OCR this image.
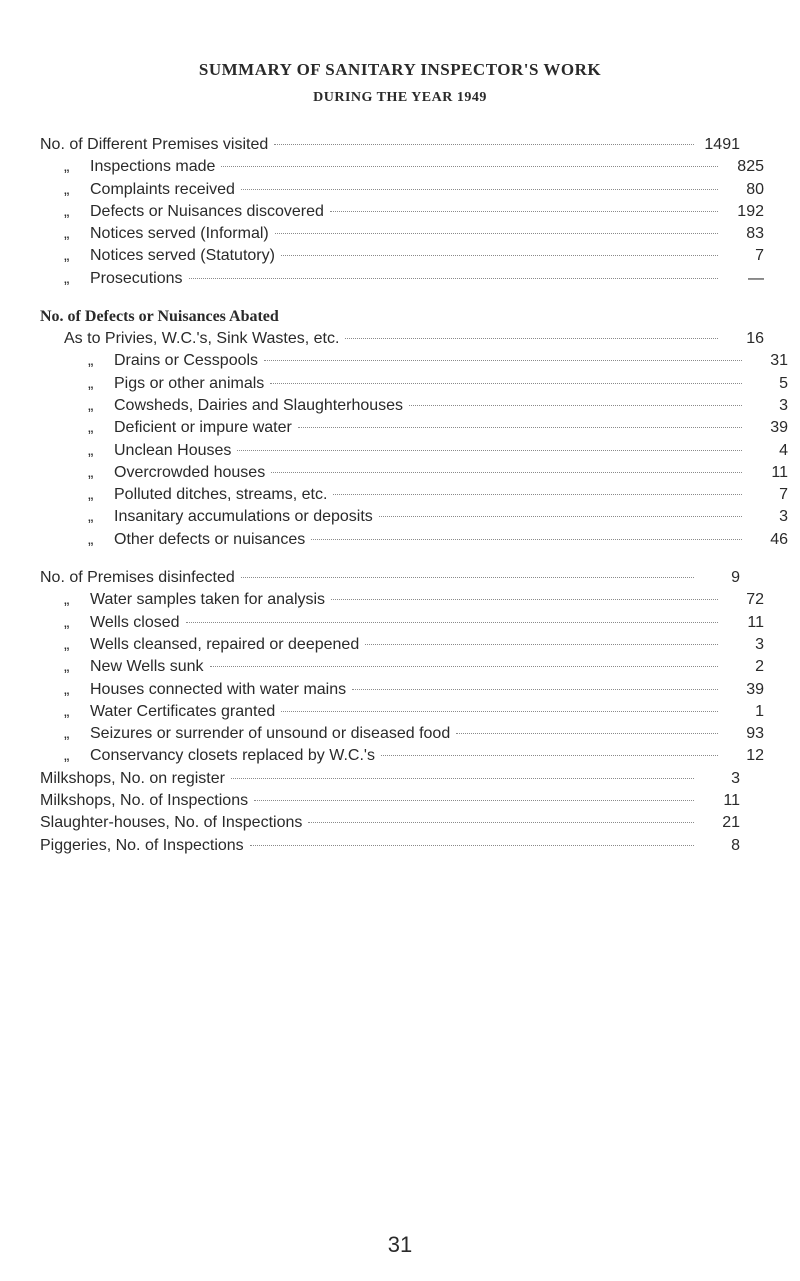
SUMMARY OF SANITARY INSPECTOR'S WORK
DURING THE YEAR 1949
No. of Different Premises visited	1491
„ Inspections made	825
„ Complaints received	80
„ Defects or Nuisances discovered	192
„ Notices served (Informal)	83
„ Notices served (Statutory)	7
„ Prosecutions	—
No. of Defects or Nuisances Abated
As to Privies, W.C.'s, Sink Wastes, etc.	16
„ Drains or Cesspools	31
„ Pigs or other animals	5
„ Cowsheds, Dairies and Slaughterhouses	3
„ Deficient or impure water	39
„ Unclean Houses	4
„ Overcrowded houses	11
„ Polluted ditches, streams, etc.	7
„ Insanitary accumulations or deposits	3
„ Other defects or nuisances	46
No. of Premises disinfected	9
„ Water samples taken for analysis	72
„ Wells closed	11
„ Wells cleansed, repaired or deepened	3
„ New Wells sunk	2
„ Houses connected with water mains	39
„ Water Certificates granted	1
„ Seizures or surrender of unsound or diseased food	93
„ Conservancy closets replaced by W.C.'s	12
Milkshops, No. on register	3
Milkshops, No. of Inspections	11
Slaughter-houses, No. of Inspections	21
Piggeries, No. of Inspections	8
31
